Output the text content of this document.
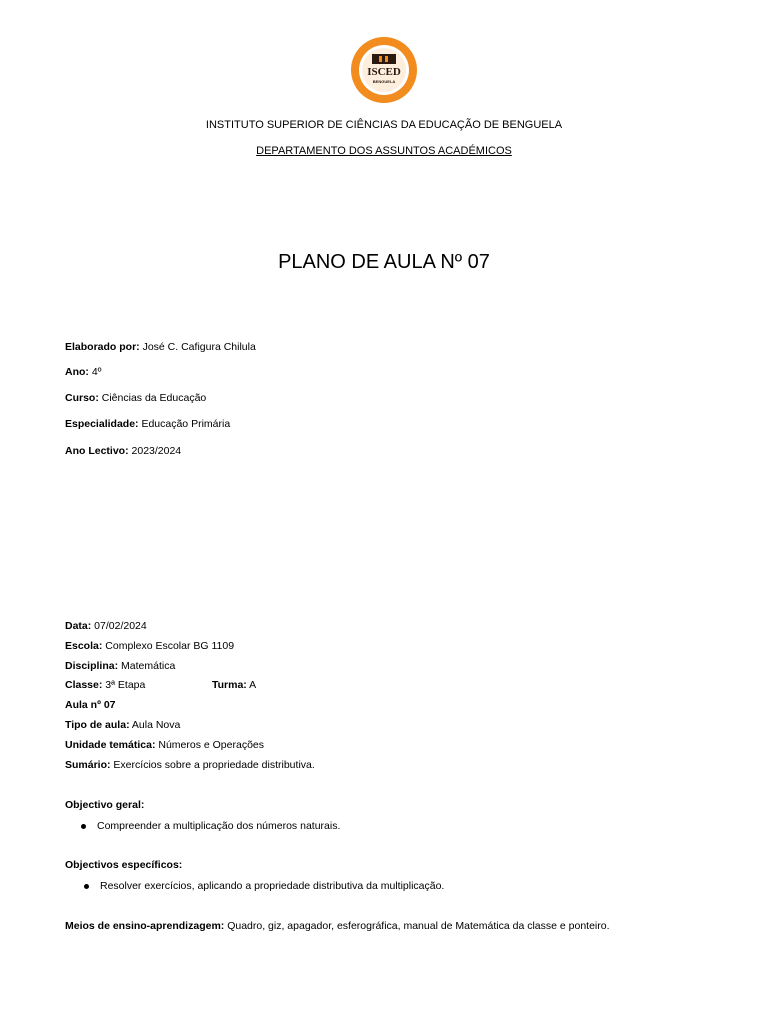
ISCED
BENGUELA
INSTITUTO SUPERIOR DE CIÊNCIAS DA EDUCAÇÃO DE BENGUELA
DEPARTAMENTO DOS ASSUNTOS ACADÉMICOS
PLANO DE AULA Nº 07
Elaborado por: José C. Cafigura Chilula
Ano: 4º
Curso: Ciências da Educação
Especialidade: Educação Primária
Ano Lectivo: 2023/2024
Data: 07/02/2024
Escola: Complexo Escolar BG 1109
Disciplina: Matemática
Classe: 3ª Etapa	Turma: A
Aula nº 07
Tipo de aula: Aula Nova
Unidade temática: Números e Operações
Sumário: Exercícios sobre a propriedade distributiva.
Objectivo geral:
Compreender a multiplicação dos números naturais.
Objectivos específicos:
Resolver exercícios, aplicando a propriedade distributiva da multiplicação.
Meios de ensino-aprendizagem: Quadro, giz, apagador, esferográfica, manual de Matemática da classe e ponteiro.
